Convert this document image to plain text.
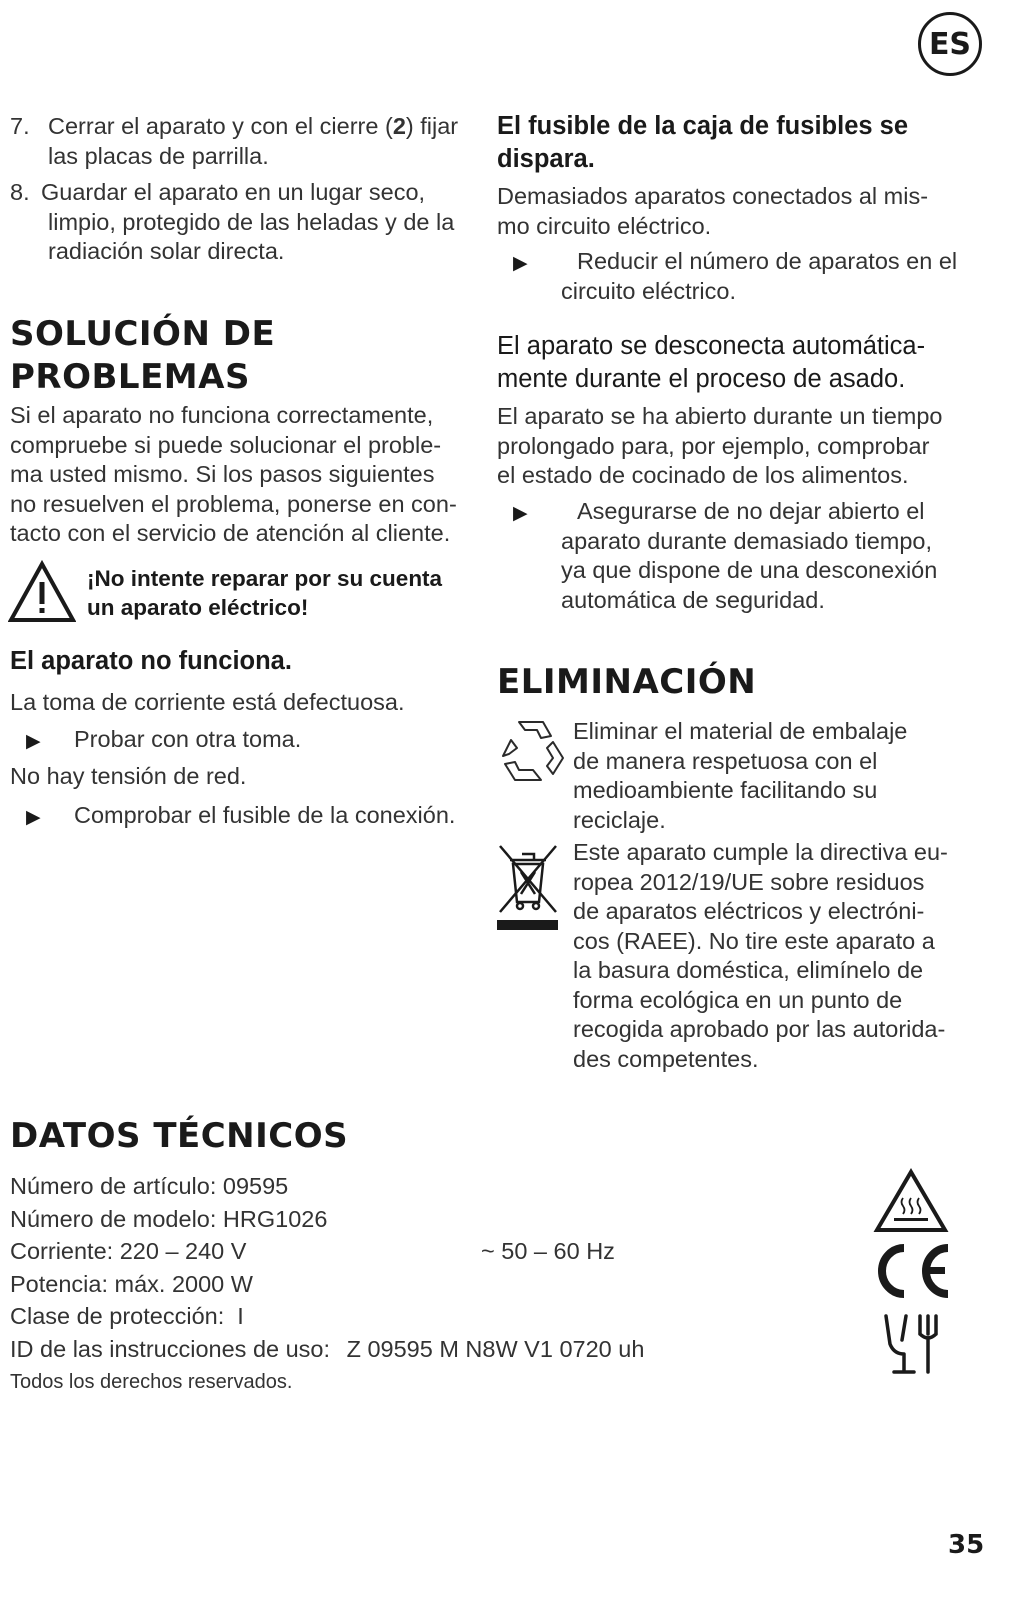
ES
7. Cerrar el aparato y con el cierre (2) fijar
las placas de parrilla.
8. Guardar el aparato en un lugar seco,
limpio, protegido de las heladas y de la
radiación solar directa.
SOLUCIÓN DE
PROBLEMAS
Si el aparato no funciona correctamente,
compruebe si puede solucionar el proble-
ma usted mismo. Si los pasos siguientes
no resuelven el problema, ponerse en con-
tacto con el servicio de atención al cliente.
¡No intente reparar por su cuenta
un aparato eléctrico!
El aparato no funciona.
La toma de corriente está defectuosa.
▶	Probar con otra toma.
No hay tensión de red.
▶	Comprobar el fusible de la conexión.
El fusible de la caja de fusibles se
dispara.
Demasiados aparatos conectados al mis-
mo circuito eléctrico.
▶	Reducir el número de aparatos en el
circuito eléctrico.
El aparato se desconecta automática-
mente durante el proceso de asado.
El aparato se ha abierto durante un tiempo
prolongado para, por ejemplo, comprobar
el estado de cocinado de los alimentos.
▶	Asegurarse de no dejar abierto el
aparato durante demasiado tiempo,
ya que dispone de una desconexión
automática de seguridad.
ELIMINACIÓN
Eliminar el material de embalaje
de manera respetuosa con el
medioambiente facilitando su
reciclaje.
Este aparato cumple la directiva eu-
ropea 2012/19/UE sobre residuos
de aparatos eléctricos y electróni-
cos (RAEE). No tire este aparato a
la basura doméstica, elimínelo de
forma ecológica en un punto de
recogida aprobado por las autorida-
des competentes.
DATOS TÉCNICOS
Número de artículo: 09595
Número de modelo: HRG1026
Corriente: 220 – 240 V	~ 50 – 60 Hz
Potencia: máx. 2000 W
Clase de protección:  I
ID de las instrucciones de uso: Z 09595 M N8W V1 0720 uh
Todos los derechos reservados.
35
